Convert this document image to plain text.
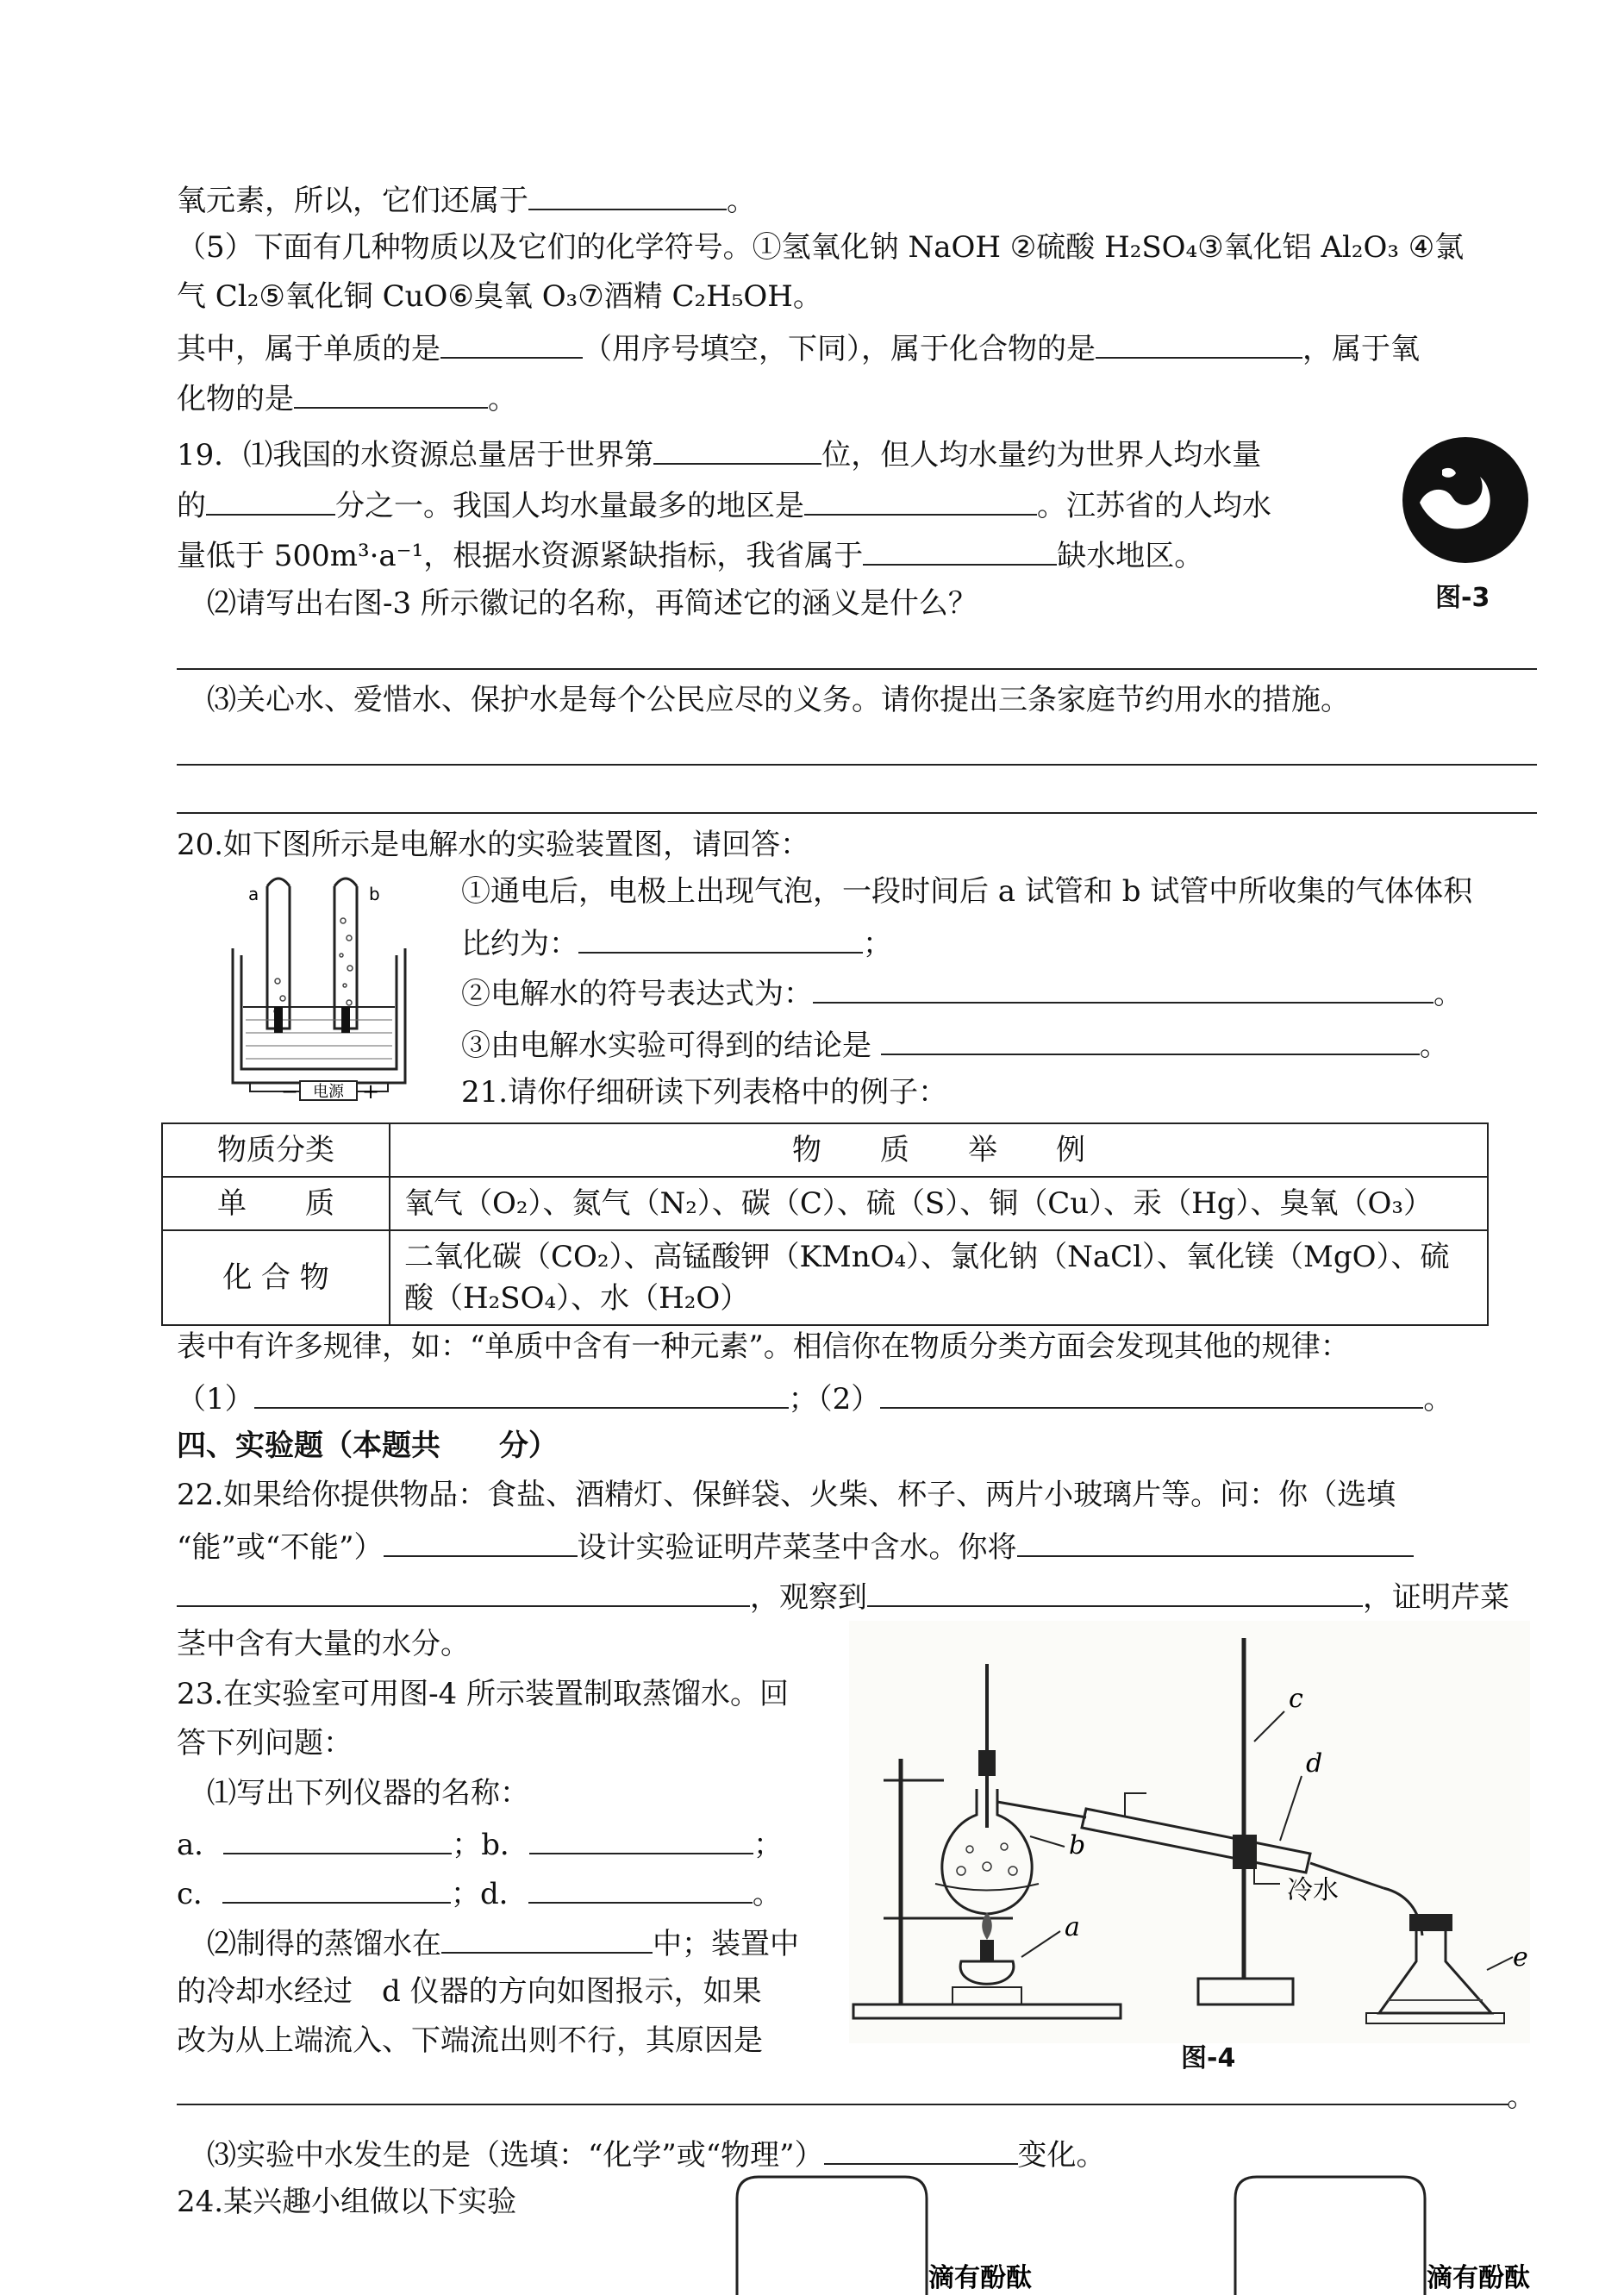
氧元素，所以，它们还属于	。
（5）下面有几种物质以及它们的化学符号。①氢氧化钠 NaOH ②硫酸 H₂SO₄③氧化铝 Al₂O₃ ④氯
气 Cl₂⑤氧化铜 CuO⑥臭氧 O₃⑦酒精 C₂H₅OH。
其中，属于单质的是	（用序号填空，下同），属于化合物的是	，属于氧
化物的是	。
19．⑴我国的水资源总量居于世界第	位，但人均水量约为世界人均水量
的	分之一。我国人均水量最多的地区是	。江苏省的人均水
量低于 500m³·a⁻¹，根据水资源紧缺指标，我省属于	缺水地区。
⑵请写出右图-3 所示徽记的名称，再简述它的涵义是什么？	图-3
⑶关心水、爱惜水、保护水是每个公民应尽的义务。请你提出三条家庭节约用水的措施。
20.如下图所示是电解水的实验装置图，请回答：
a	b
电源
−	+
①通电后，电极上出现气泡，一段时间后 a 试管和 b 试管中所收集的气体体积
比约为：	；
②电解水的符号表达式为：	。
③由电解水实验可得到的结论是	。
21.请你仔细研读下列表格中的例子：
物质分类	物　　质　　举　　例
单　　质	氧气（O₂）、氮气（N₂）、碳（C）、硫（S）、铜（Cu）、汞（Hg）、臭氧（O₃）
化 合 物	二氧化碳（CO₂）、高锰酸钾（KMnO₄）、氯化钠（NaCl）、氧化镁（MgO）、硫
酸（H₂SO₄）、水（H₂O）
表中有许多规律，如：“单质中含有一种元素”。相信你在物质分类方面会发现其他的规律：
（1）	；（2）	。
四、实验题（本题共　　分）
22.如果给你提供物品：食盐、酒精灯、保鲜袋、火柴、杯子、两片小玻璃片等。问：你（选填
“能”或“不能”）	设计实验证明芹菜茎中含水。你将
，观察到	，证明芹菜
茎中含有大量的水分。
23.在实验室可用图-4 所示装置制取蒸馏水。回
答下列问题：
⑴写出下列仪器的名称：
a．	；b．	；
c．	；d．	。
⑵制得的蒸馏水在	中；装置中
的冷却水经过　d 仪器的方向如图报示，如果
改为从上端流入、下端流出则不行，其原因是
冷水
c
d
b
a
e
图-4
。
⑶实验中水发生的是（选填：“化学”或“物理”）	变化。
24.某兴趣小组做以下实验
滴有酚酞	滴有酚酞
